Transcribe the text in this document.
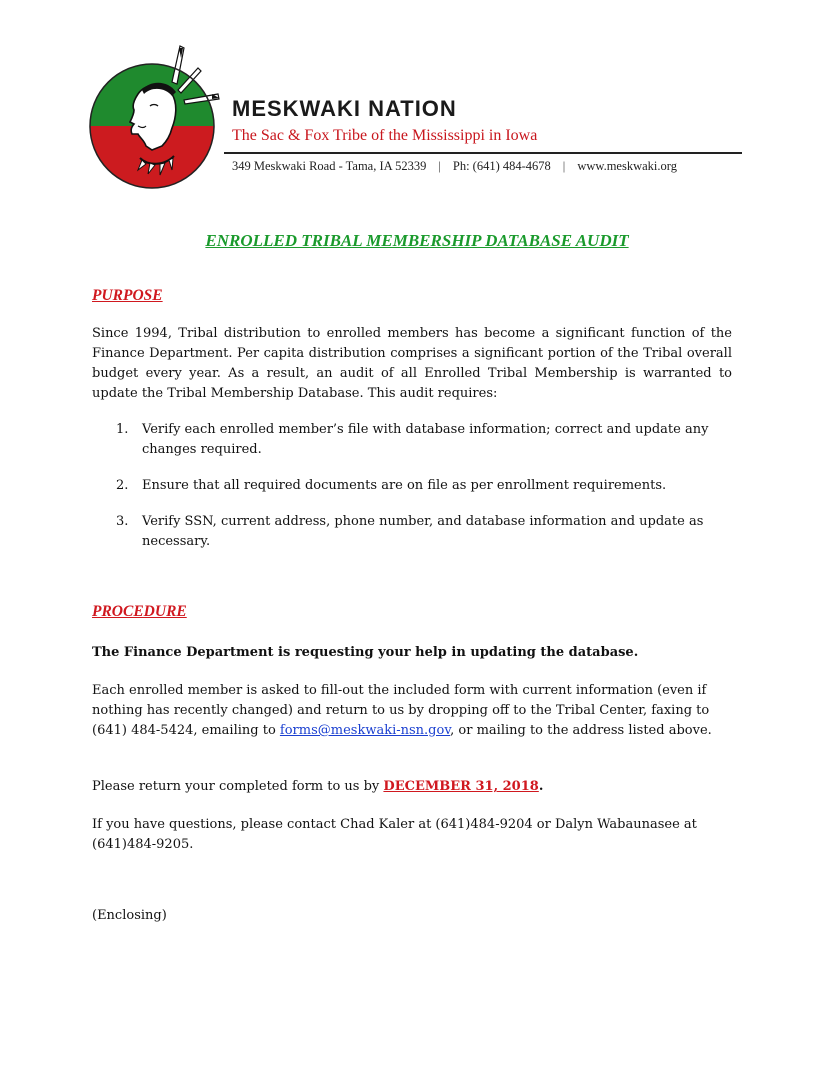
MESKWAKI NATION
The Sac & Fox Tribe of the Mississippi in Iowa
349 Meskwaki Road - Tama, IA 52339 | Ph: (641) 484-4678 | www.meskwaki.org
ENROLLED TRIBAL MEMBERSHIP DATABASE AUDIT
PURPOSE
Since 1994, Tribal distribution to enrolled members has become a significant function of the Finance Department. Per capita distribution comprises a significant portion of the Tribal overall budget every year. As a result, an audit of all Enrolled Tribal Membership is warranted to update the Tribal Membership Database. This audit requires:
1. Verify each enrolled member’s file with database information; correct and update any changes required.
2. Ensure that all required documents are on file as per enrollment requirements.
3. Verify SSN, current address, phone number, and database information and update as necessary.
PROCEDURE
The Finance Department is requesting your help in updating the database.
Each enrolled member is asked to fill-out the included form with current information (even if nothing has recently changed) and return to us by dropping off to the Tribal Center, faxing to (641) 484-5424, emailing to forms@meskwaki-nsn.gov, or mailing to the address listed above.
Please return your completed form to us by DECEMBER 31, 2018.
If you have questions, please contact Chad Kaler at (641)484-9204 or Dalyn Wabaunasee at (641)484-9205.
(Enclosing)
